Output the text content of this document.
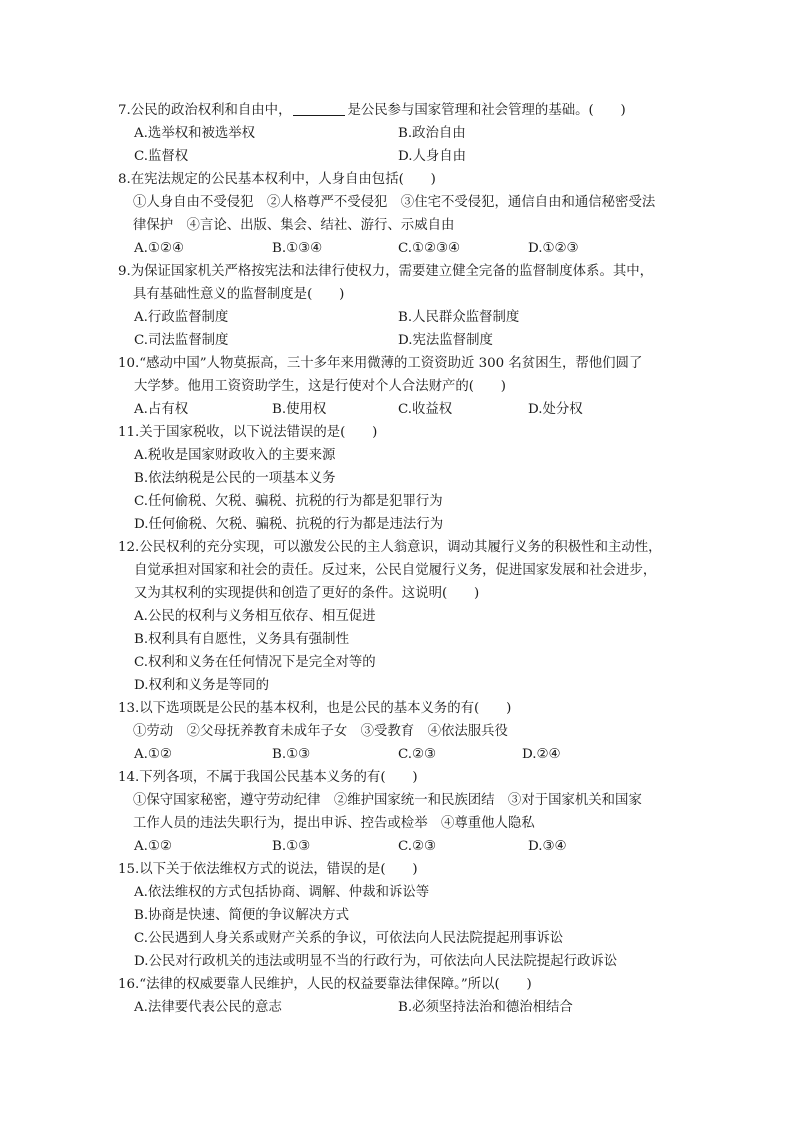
7.公民的政治权利和自由中，	是公民参与国家管理和社会管理的基础。(　　)
A.选举权和被选举权	B.政治自由
C.监督权	D.人身自由
8.在宪法规定的公民基本权利中，人身自由包括(　　)
①人身自由不受侵犯　②人格尊严不受侵犯　③住宅不受侵犯，通信自由和通信秘密受法
律保护　④言论、出版、集会、结社、游行、示威自由
A.①②④	B.①③④	C.①②③④	D.①②③
9.为保证国家机关严格按宪法和法律行使权力，需要建立健全完备的监督制度体系。其中，
具有基础性意义的监督制度是(　　)
A.行政监督制度	B.人民群众监督制度
C.司法监督制度	D.宪法监督制度
10.“感动中国”人物莫振高，三十多年来用微薄的工资资助近 300 名贫困生，帮他们圆了
大学梦。他用工资资助学生，这是行使对个人合法财产的(　　)
A.占有权	B.使用权	C.收益权	D.处分权
11.关于国家税收，以下说法错误的是(　　)
A.税收是国家财政收入的主要来源
B.依法纳税是公民的一项基本义务
C.任何偷税、欠税、骗税、抗税的行为都是犯罪行为
D.任何偷税、欠税、骗税、抗税的行为都是违法行为
12.公民权利的充分实现，可以激发公民的主人翁意识，调动其履行义务的积极性和主动性，
自觉承担对国家和社会的责任。反过来，公民自觉履行义务，促进国家发展和社会进步，
又为其权利的实现提供和创造了更好的条件。这说明(　　)
A.公民的权利与义务相互依存、相互促进
B.权利具有自愿性，义务具有强制性
C.权利和义务在任何情况下是完全对等的
D.权利和义务是等同的
13.以下选项既是公民的基本权利，也是公民的基本义务的有(　　)
①劳动　②父母抚养教育未成年子女　③受教育　④依法服兵役
A.①②	B.①③	C.②③	D.②④
14.下列各项，不属于我国公民基本义务的有(　　)
①保守国家秘密，遵守劳动纪律　②维护国家统一和民族团结　③对于国家机关和国家
工作人员的违法失职行为，提出申诉、控告或检举　④尊重他人隐私
A.①②	B.①③	C.②③	D.③④
15.以下关于依法维权方式的说法，错误的是(　　)
A.依法维权的方式包括协商、调解、仲裁和诉讼等
B.协商是快速、简便的争议解决方式
C.公民遇到人身关系或财产关系的争议，可依法向人民法院提起刑事诉讼
D.公民对行政机关的违法或明显不当的行政行为，可依法向人民法院提起行政诉讼
16.“法律的权威要靠人民维护，人民的权益要靠法律保障。”所以(　　)
A.法律要代表公民的意志	B.必须坚持法治和德治相结合
